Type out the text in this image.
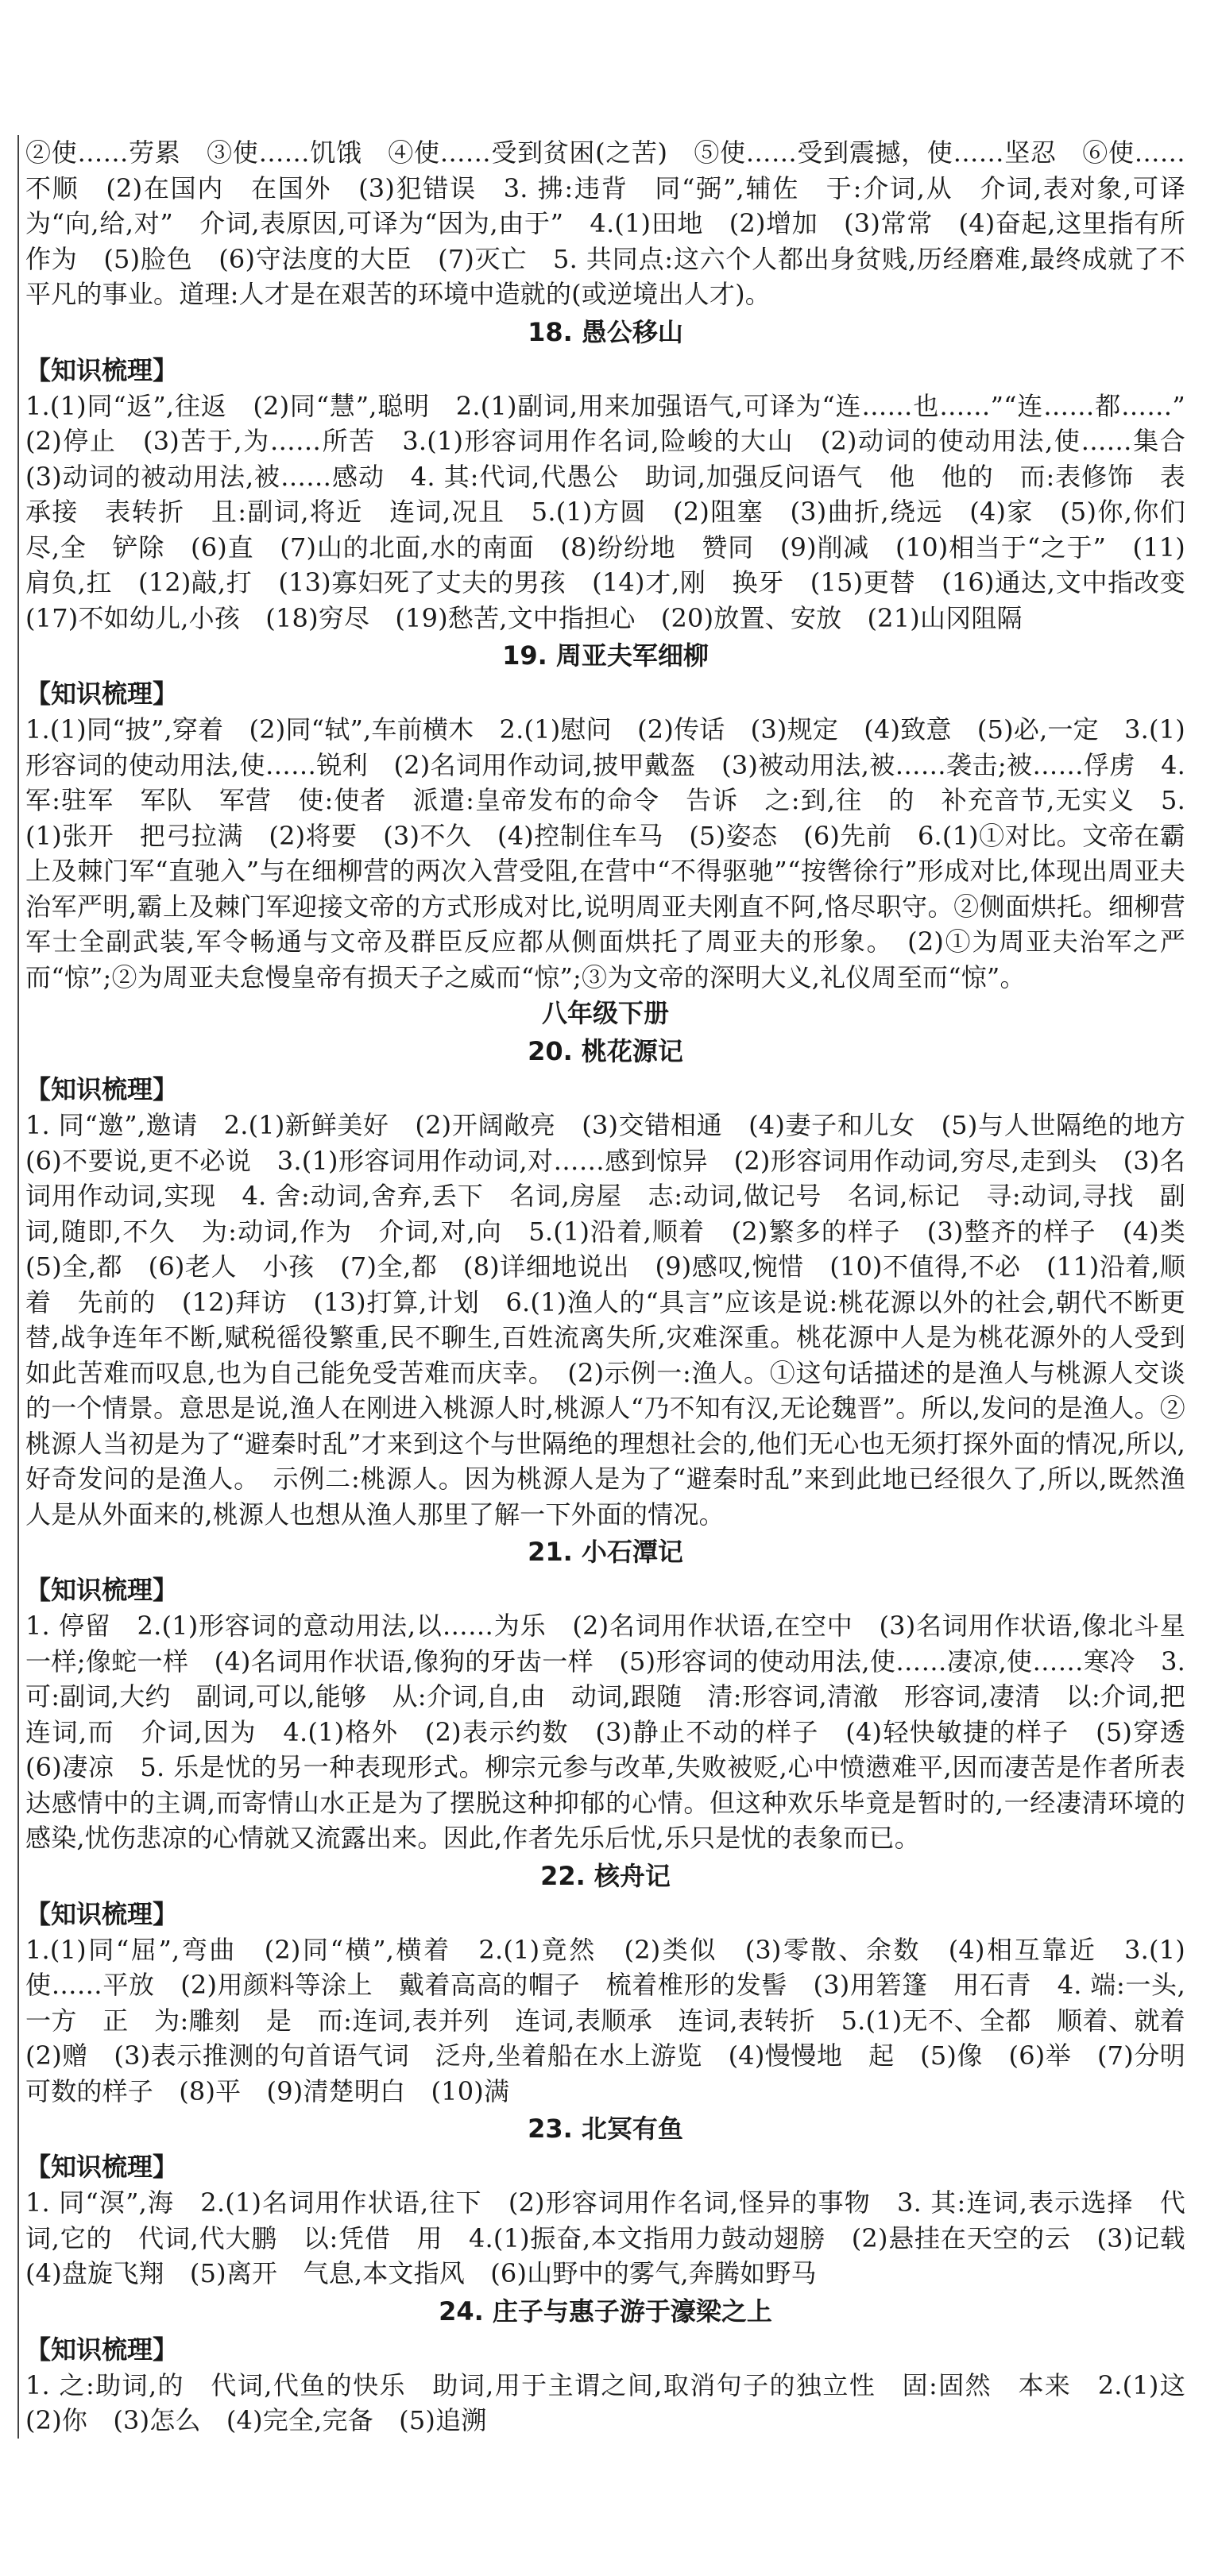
②使……劳累　③使……饥饿　④使……受到贫困(之苦)　⑤使……受到震撼，使……坚忍　⑥使……不顺　(2)在国内　在国外　(3)犯错误　3. 拂:违背　同“弼”,辅佐　于:介词,从　介词,表对象,可译为“向,给,对”　介词,表原因,可译为“因为,由于”　4.(1)田地　(2)增加　(3)常常　(4)奋起,这里指有所作为　(5)脸色　(6)守法度的大臣　(7)灭亡　5. 共同点:这六个人都出身贫贱,历经磨难,最终成就了不平凡的事业。道理:人才是在艰苦的环境中造就的(或逆境出人才)。

18. 愚公移山

【知识梳理】

1.(1)同“返”,往返　(2)同“慧”,聪明　2.(1)副词,用来加强语气,可译为“连……也……”“连……都……”　(2)停止　(3)苦于,为……所苦　3.(1)形容词用作名词,险峻的大山　(2)动词的使动用法,使……集合　(3)动词的被动用法,被……感动　4. 其:代词,代愚公　助词,加强反问语气　他　他的　而:表修饰　表承接　表转折　且:副词,将近　连词,况且　5.(1)方圆　(2)阻塞　(3)曲折,绕远　(4)家　(5)你,你们　尽,全　铲除　(6)直　(7)山的北面,水的南面　(8)纷纷地　赞同　(9)削减　(10)相当于“之于”　(11)肩负,扛　(12)敲,打　(13)寡妇死了丈夫的男孩　(14)才,刚　换牙　(15)更替　(16)通达,文中指改变　(17)不如幼儿,小孩　(18)穷尽　(19)愁苦,文中指担心　(20)放置、安放　(21)山冈阻隔

19. 周亚夫军细柳

【知识梳理】

1.(1)同“披”,穿着　(2)同“轼”,车前横木　2.(1)慰问　(2)传话　(3)规定　(4)致意　(5)必,一定　3.(1)形容词的使动用法,使……锐利　(2)名词用作动词,披甲戴盔　(3)被动用法,被……袭击;被……俘虏　4. 军:驻军　军队　军营　使:使者　派遣:皇帝发布的命令　告诉　之:到,往　的　补充音节,无实义　5.(1)张开　把弓拉满　(2)将要　(3)不久　(4)控制住车马　(5)姿态　(6)先前　6.(1)①对比。文帝在霸上及棘门军“直驰入”与在细柳营的两次入营受阻,在营中“不得驱驰”“按辔徐行”形成对比,体现出周亚夫治军严明,霸上及棘门军迎接文帝的方式形成对比,说明周亚夫刚直不阿,恪尽职守。②侧面烘托。细柳营军士全副武装,军令畅通与文帝及群臣反应都从侧面烘托了周亚夫的形象。　(2)①为周亚夫治军之严而“惊”;②为周亚夫怠慢皇帝有损天子之威而“惊”;③为文帝的深明大义,礼仪周至而“惊”。

八年级下册

20. 桃花源记

【知识梳理】

1. 同“邀”,邀请　2.(1)新鲜美好　(2)开阔敞亮　(3)交错相通　(4)妻子和儿女　(5)与人世隔绝的地方　(6)不要说,更不必说　3.(1)形容词用作动词,对……感到惊异　(2)形容词用作动词,穷尽,走到头　(3)名词用作动词,实现　4. 舍:动词,舍弃,丢下　名词,房屋　志:动词,做记号　名词,标记　寻:动词,寻找　副词,随即,不久　为:动词,作为　介词,对,向　5.(1)沿着,顺着　(2)繁多的样子　(3)整齐的样子　(4)类　(5)全,都　(6)老人　小孩　(7)全,都　(8)详细地说出　(9)感叹,惋惜　(10)不值得,不必　(11)沿着,顺着　先前的　(12)拜访　(13)打算,计划　6.(1)渔人的“具言”应该是说:桃花源以外的社会,朝代不断更替,战争连年不断,赋税徭役繁重,民不聊生,百姓流离失所,灾难深重。桃花源中人是为桃花源外的人受到如此苦难而叹息,也为自己能免受苦难而庆幸。　(2)示例一:渔人。①这句话描述的是渔人与桃源人交谈的一个情景。意思是说,渔人在刚进入桃源人时,桃源人“乃不知有汉,无论魏晋”。所以,发问的是渔人。②桃源人当初是为了“避秦时乱”才来到这个与世隔绝的理想社会的,他们无心也无须打探外面的情况,所以,好奇发问的是渔人。　示例二:桃源人。因为桃源人是为了“避秦时乱”来到此地已经很久了,所以,既然渔人是从外面来的,桃源人也想从渔人那里了解一下外面的情况。

21. 小石潭记

【知识梳理】

1. 停留　2.(1)形容词的意动用法,以……为乐　(2)名词用作状语,在空中　(3)名词用作状语,像北斗星一样;像蛇一样　(4)名词用作状语,像狗的牙齿一样　(5)形容词的使动用法,使……凄凉,使……寒冷　3. 可:副词,大约　副词,可以,能够　从:介词,自,由　动词,跟随　清:形容词,清澈　形容词,凄清　以:介词,把　连词,而　介词,因为　4.(1)格外　(2)表示约数　(3)静止不动的样子　(4)轻快敏捷的样子　(5)穿透　(6)凄凉　5. 乐是忧的另一种表现形式。柳宗元参与改革,失败被贬,心中愤懑难平,因而凄苦是作者所表达感情中的主调,而寄情山水正是为了摆脱这种抑郁的心情。但这种欢乐毕竟是暂时的,一经凄清环境的感染,忧伤悲凉的心情就又流露出来。因此,作者先乐后忧,乐只是忧的表象而已。

22. 核舟记

【知识梳理】

1.(1)同“屈”,弯曲　(2)同“横”,横着　2.(1)竟然　(2)类似　(3)零散、余数　(4)相互靠近　3.(1)使……平放　(2)用颜料等涂上　戴着高高的帽子　梳着椎形的发髻　(3)用箬篷　用石青　4. 端:一头,一方　正　为:雕刻　是　而:连词,表并列　连词,表顺承　连词,表转折　5.(1)无不、全都　顺着、就着　(2)赠　(3)表示推测的句首语气词　泛舟,坐着船在水上游览　(4)慢慢地　起　(5)像　(6)举　(7)分明可数的样子　(8)平　(9)清楚明白　(10)满

23. 北冥有鱼

【知识梳理】

1. 同“溟”,海　2.(1)名词用作状语,往下　(2)形容词用作名词,怪异的事物　3. 其:连词,表示选择　代词,它的　代词,代大鹏　以:凭借　用　4.(1)振奋,本文指用力鼓动翅膀　(2)悬挂在天空的云　(3)记载　(4)盘旋飞翔　(5)离开　气息,本文指风　(6)山野中的雾气,奔腾如野马

24. 庄子与惠子游于濠梁之上

【知识梳理】

1. 之:助词,的　代词,代鱼的快乐　助词,用于主谓之间,取消句子的独立性　固:固然　本来　2.(1)这　(2)你　(3)怎么　(4)完全,完备　(5)追溯
